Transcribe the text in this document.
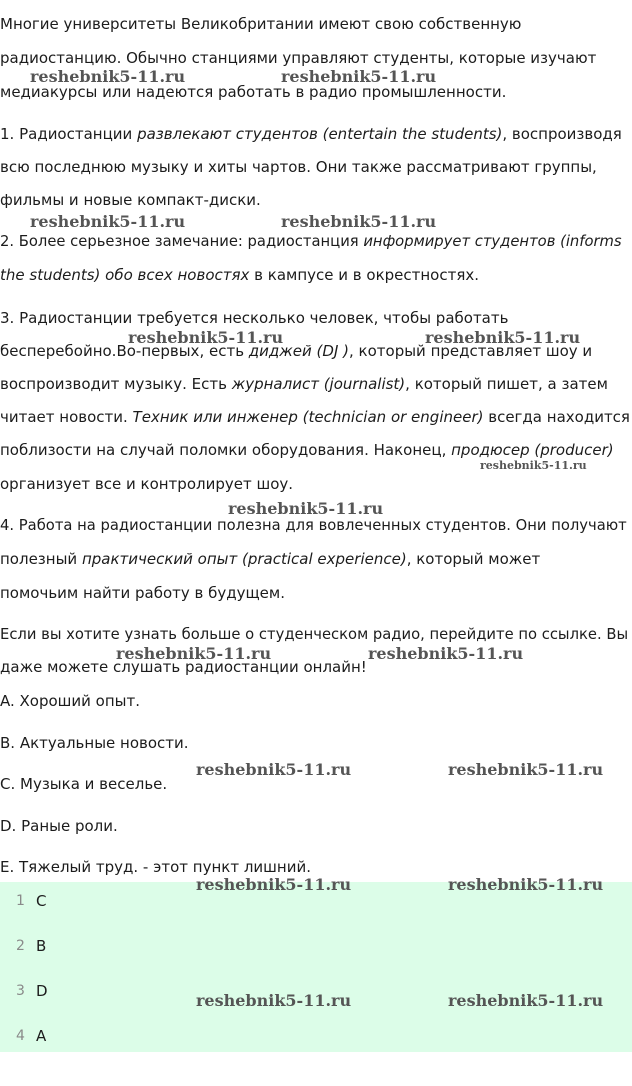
Многие университеты Великобритании имеют свою собственную
радиостанцию. Обычно станциями управляют студенты, которые изучают
медиакурсы или надеются работать в радио промышленности.
1. Радиостанции развлекают студентов (entertain the students), воспроизводя
всю последнюю музыку и хиты чартов. Они также рассматривают группы,
фильмы и новые компакт-диски.
2. Более серьезное замечание: радиостанция информирует студентов (informs
the students) обо всех новостях в кампусе и в окрестностях.
3. Радиостанции требуется несколько человек, чтобы работать
бесперебойно.Во-первых, есть диджей (DJ ), который представляет шоу и
воспроизводит музыку. Есть журналист (journalist), который пишет, а затем
читает новости. Техник или инженер (technician or engineer) всегда находится
поблизости на случай поломки оборудования. Наконец, продюсер (producer)
организует все и контролирует шоу.
4. Работа на радиостанции полезна для вовлеченных студентов. Они получают
полезный практический опыт (practical experience), который может
помочьим найти работу в будущем.
Если вы хотите узнать больше о студенческом радио, перейдите по ссылке. Вы
даже можете слушать радиостанции онлайн!
A. Хороший опыт.
B. Актуальные новости.
C. Музыка и веселье.
D. Раные роли.
E. Тяжелый труд. - этот пункт лишний.
1 C
2 B
3 D
4 A
reshebnik5-11.ru	reshebnik5-11.ru
reshebnik5-11.ru	reshebnik5-11.ru
reshebnik5-11.ru	reshebnik5-11.ru
reshebnik5-11.ru
reshebnik5-11.ru
reshebnik5-11.ru	reshebnik5-11.ru
reshebnik5-11.ru	reshebnik5-11.ru
reshebnik5-11.ru	reshebnik5-11.ru
reshebnik5-11.ru	reshebnik5-11.ru
